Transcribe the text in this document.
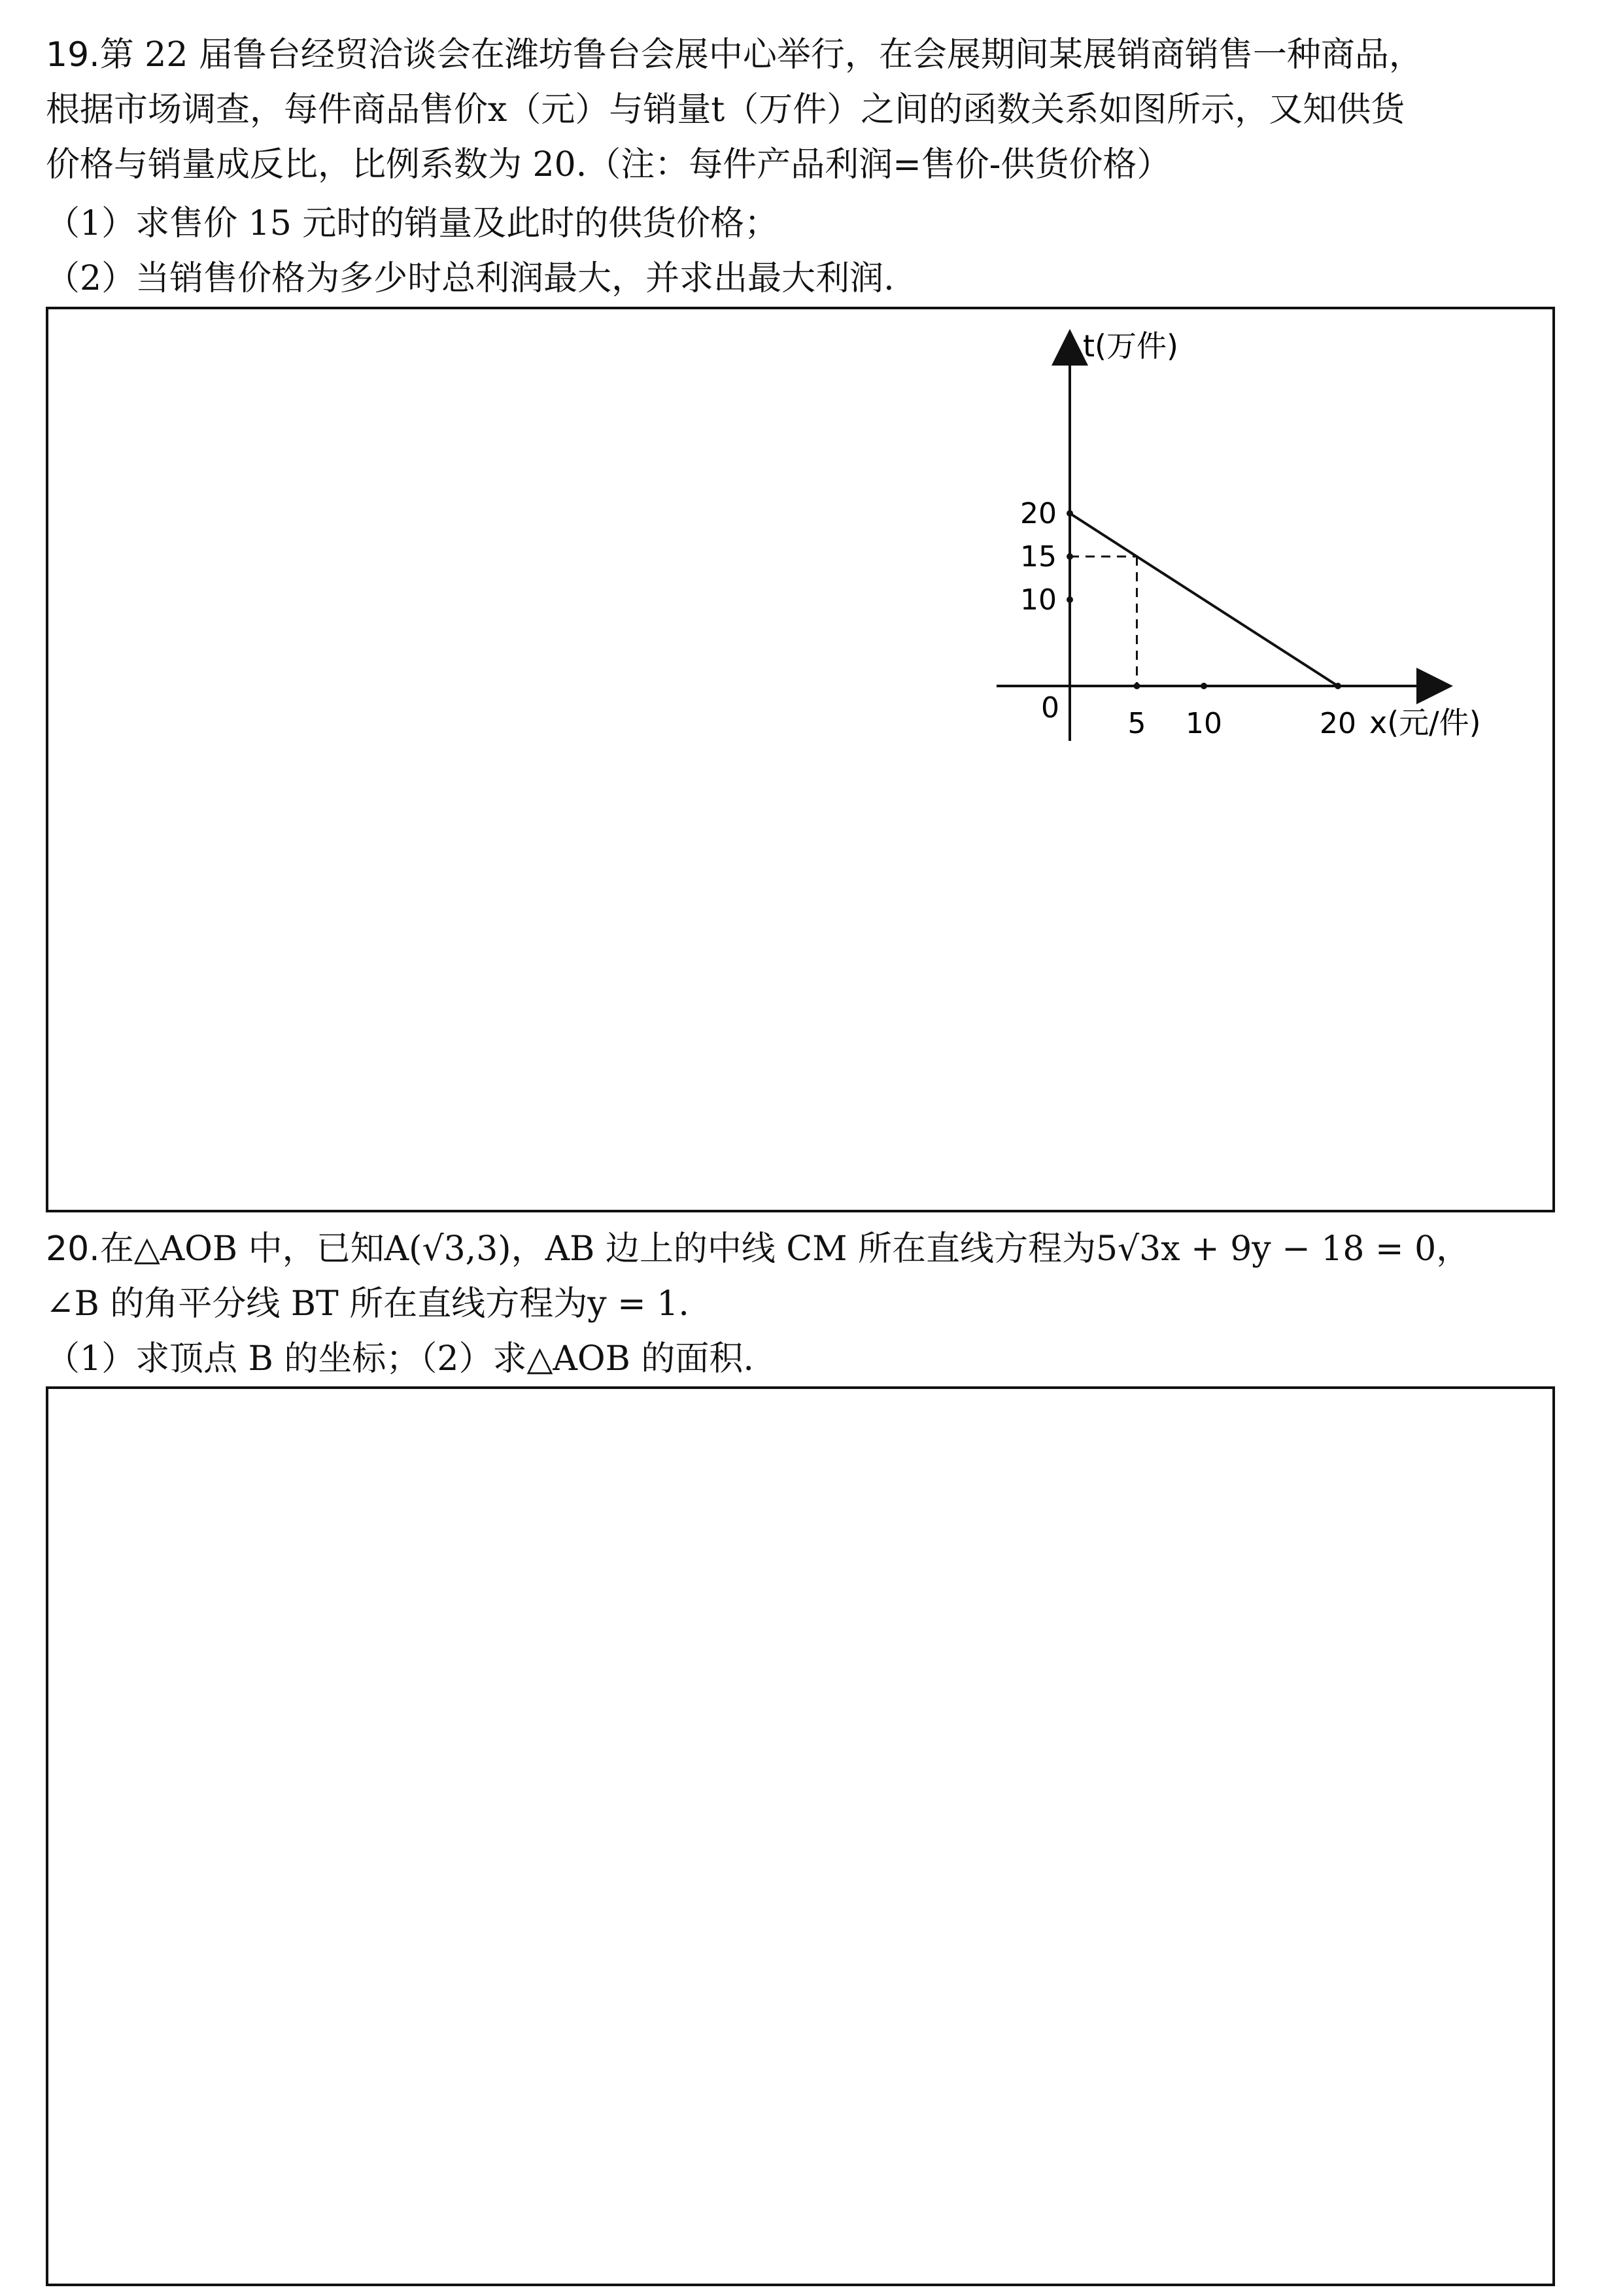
19.第 22 届鲁台经贸洽谈会在潍坊鲁台会展中心举行，在会展期间某展销商销售一种商品，

根据市场调查，每件商品售价x（元）与销量t（万件）之间的函数关系如图所示，又知供货

价格与销量成反比，比例系数为 20.（注：每件产品利润=售价-供货价格）

（1）求售价 15 元时的销量及此时的供货价格；

（2）当销售价格为多少时总利润最大，并求出最大利润.

t(万件)
x(元/件)
0 5 10	20
10
15
20

20.在△AOB 中，已知A(√3,3)，AB 边上的中线 CM 所在直线方程为5√3x + 9y − 18 = 0，

∠B 的角平分线 BT 所在直线方程为y = 1.

（1）求顶点 B 的坐标；（2）求△AOB 的面积.
